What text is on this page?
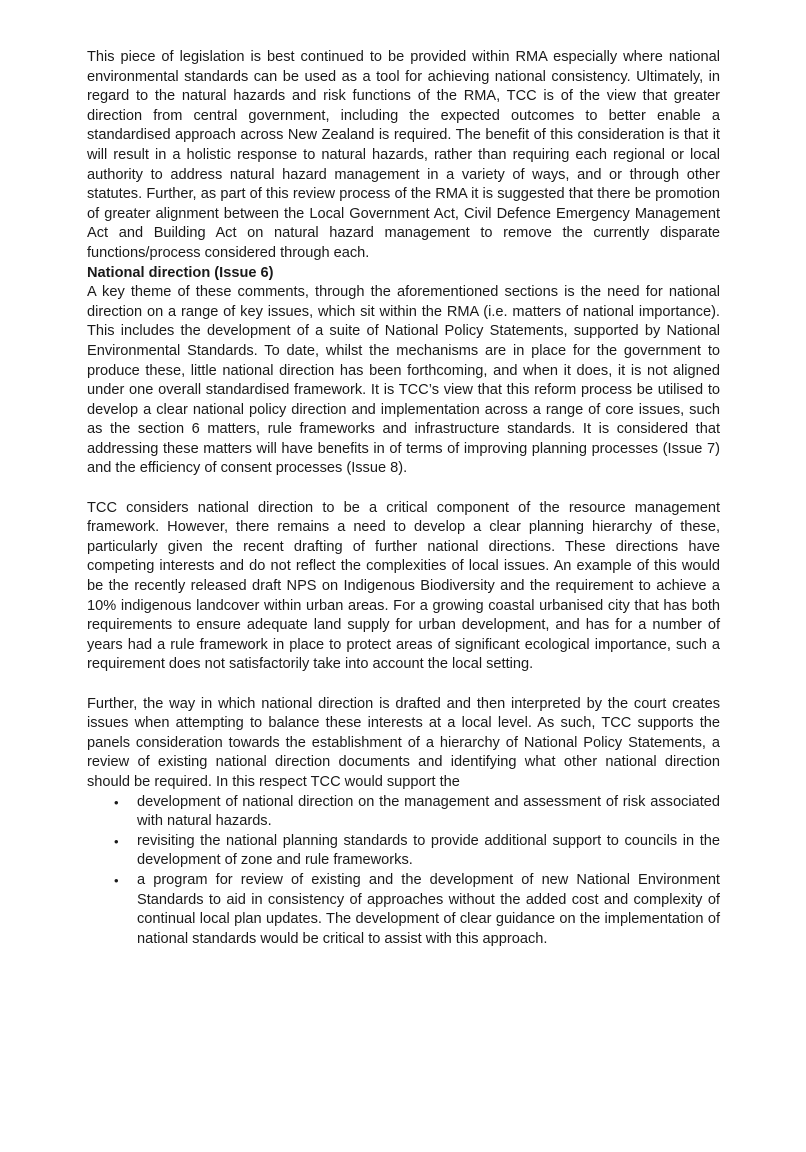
This piece of legislation is best continued to be provided within RMA especially where national environmental standards can be used as a tool for achieving national consistency. Ultimately, in regard to the natural hazards and risk functions of the RMA, TCC is of the view that greater direction from central government, including the expected outcomes to better enable a standardised approach across New Zealand is required. The benefit of this consideration is that it will result in a holistic response to natural hazards, rather than requiring each regional or local authority to address natural hazard management in a variety of ways, and or through other statutes. Further, as part of this review process of the RMA it is suggested that there be promotion of greater alignment between the Local Government Act, Civil Defence Emergency Management Act and Building Act on natural hazard management to remove the currently disparate functions/process considered through each.

National direction (Issue 6)

A key theme of these comments, through the aforementioned sections is the need for national direction on a range of key issues, which sit within the RMA (i.e. matters of national importance). This includes the development of a suite of National Policy Statements, supported by National Environmental Standards. To date, whilst the mechanisms are in place for the government to produce these, little national direction has been forthcoming, and when it does, it is not aligned under one overall standardised framework. It is TCC’s view that this reform process be utilised to develop a clear national policy direction and implementation across a range of core issues, such as the section 6 matters, rule frameworks and infrastructure standards. It is considered that addressing these matters will have benefits in of terms of improving planning processes (Issue 7) and the efficiency of consent processes (Issue 8).

TCC considers national direction to be a critical component of the resource management framework. However, there remains a need to develop a clear planning hierarchy of these, particularly given the recent drafting of further national directions. These directions have competing interests and do not reflect the complexities of local issues. An example of this would be the recently released draft NPS on Indigenous Biodiversity and the requirement to achieve a 10% indigenous landcover within urban areas. For a growing coastal urbanised city that has both requirements to ensure adequate land supply for urban development, and has for a number of years had a rule framework in place to protect areas of significant ecological importance, such a requirement does not satisfactorily take into account the local setting.

Further, the way in which national direction is drafted and then interpreted by the court creates issues when attempting to balance these interests at a local level. As such, TCC supports the panels consideration towards the establishment of a hierarchy of National Policy Statements, a review of existing national direction documents and identifying what other national direction should be required. In this respect TCC would support the

• development of national direction on the management and assessment of risk associated with natural hazards.
• revisiting the national planning standards to provide additional support to councils in the development of zone and rule frameworks.
• a program for review of existing and the development of new National Environment Standards to aid in consistency of approaches without the added cost and complexity of continual local plan updates. The development of clear guidance on the implementation of national standards would be critical to assist with this approach.
